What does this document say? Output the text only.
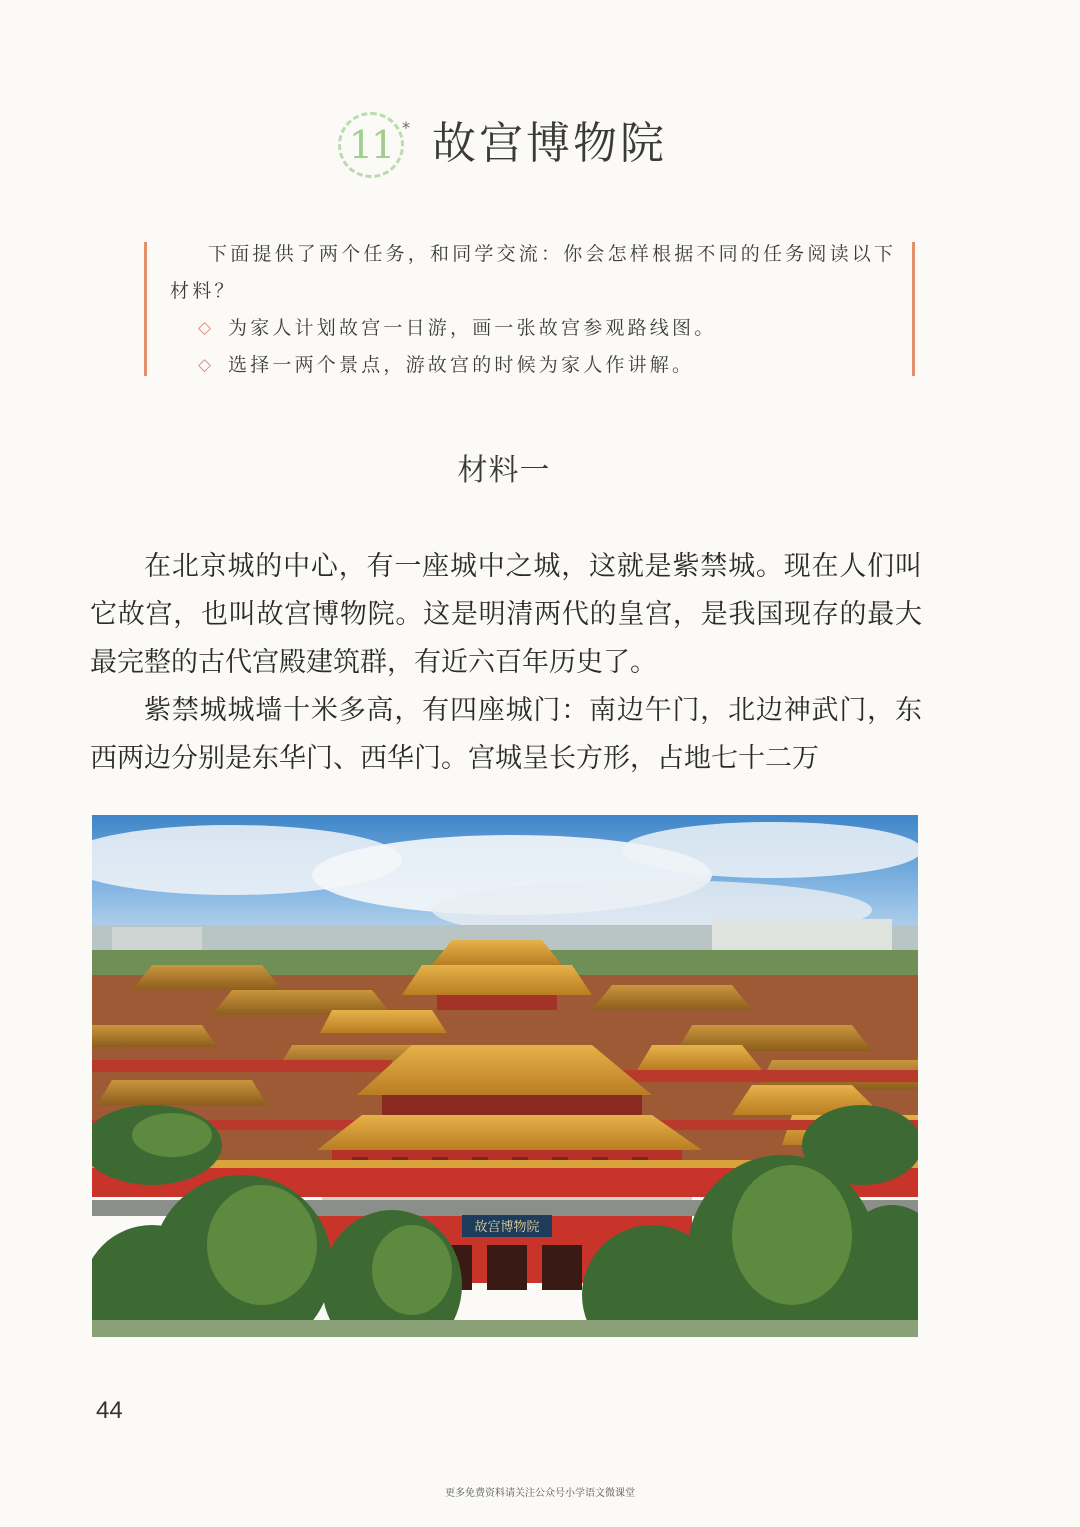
11 * 故宫博物院

下面提供了两个任务，和同学交流：你会怎样根据不同的任务阅读以下材料？

◇ 为家人计划故宫一日游，画一张故宫参观路线图。

◇ 选择一两个景点，游故宫的时候为家人作讲解。

材料一

在北京城的中心，有一座城中之城，这就是紫禁城。现在人们叫它故宫，也叫故宫博物院。这是明清两代的皇宫，是我国现存的最大最完整的古代宫殿建筑群，有近六百年历史了。

紫禁城城墙十米多高，有四座城门：南边午门，北边神武门，东西两边分别是东华门、西华门。宫城呈长方形，占地七十二万

故宫博物院
44
更多免费资料请关注公众号小学语文微课堂
